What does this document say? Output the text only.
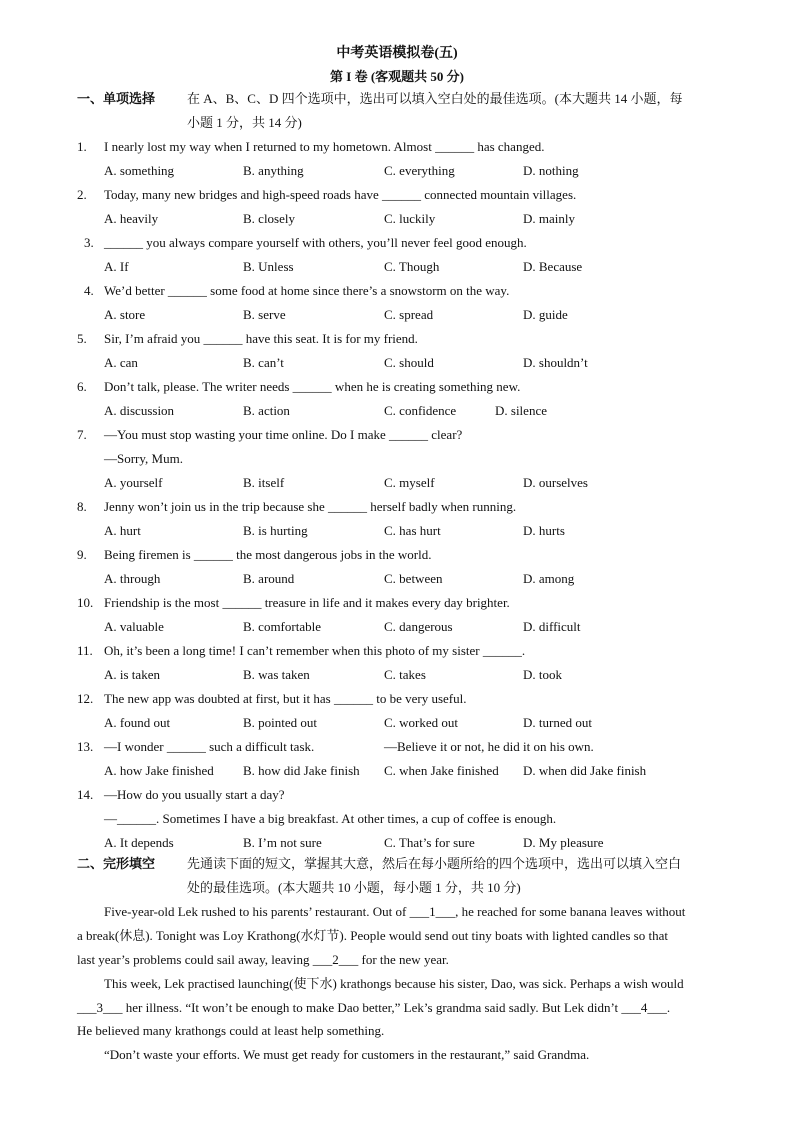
中考英语模拟卷(五)
第 I 卷 (客观题共 50 分)
一、单项选择 在 A、B、C、D 四个选项中，选出可以填入空白处的最佳选项。(本大题共 14 小题，每
小题 1 分，共 14 分)
1. I nearly lost my way when I returned to my hometown. Almost ______ has changed.
A. something	B. anything	C. everything	D. nothing
2. Today, many new bridges and high-speed roads have ______ connected mountain villages.
A. heavily	B. closely	C. luckily	D. mainly
3. ______ you always compare yourself with others, you’ll never feel good enough.
A. If	B. Unless	C. Though	D. Because
4. We’d better ______ some food at home since there’s a snowstorm on the way.
A. store	B. serve	C. spread	D. guide
5. Sir, I’m afraid you ______ have this seat. It is for my friend.
A. can	B. can’t	C. should	D. shouldn’t
6. Don’t talk, please. The writer needs ______ when he is creating something new.
A. discussion	B. action	C. confidence	D. silence
7. —You must stop wasting your time online. Do I make ______ clear?
—Sorry, Mum.
A. yourself	B. itself	C. myself	D. ourselves
8. Jenny won’t join us in the trip because she ______ herself badly when running.
A. hurt	B. is hurting	C. has hurt	D. hurts
9. Being firemen is ______ the most dangerous jobs in the world.
A. through	B. around	C. between	D. among
10. Friendship is the most ______ treasure in life and it makes every day brighter.
A. valuable	B. comfortable	C. dangerous	D. difficult
11. Oh, it’s been a long time! I can’t remember when this photo of my sister ______.
A. is taken	B. was taken	C. takes	D. took
12. The new app was doubted at first, but it has ______ to be very useful.
A. found out	B. pointed out	C. worked out	D. turned out
13. —I wonder ______ such a difficult task.	—Believe it or not, he did it on his own.
A. how Jake finished B. how did Jake finish C. when Jake finished D. when did Jake finish
14. —How do you usually start a day?
—______. Sometimes I have a big breakfast. At other times, a cup of coffee is enough.
A. It depends	B. I’m not sure	C. That’s for sure	D. My pleasure
二、完形填空 先通读下面的短文，掌握其大意，然后在每小题所给的四个选项中，选出可以填入空白
处的最佳选项。(本大题共 10 小题，每小题 1 分，共 10 分)
Five-year-old Lek rushed to his parents’ restaurant. Out of ___1___, he reached for some banana leaves without
a break(休息). Tonight was Loy Krathong(水灯节). People would send out tiny boats with lighted candles so that
last year’s problems could sail away, leaving ___2___ for the new year.
This week, Lek practised launching(使下水) krathongs because his sister, Dao, was sick. Perhaps a wish would
___3___ her illness. “It won’t be enough to make Dao better,” Lek’s grandma said sadly. But Lek didn’t ___4___.
He believed many krathongs could at least help something.
“Don’t waste your efforts. We must get ready for customers in the restaurant,” said Grandma.
